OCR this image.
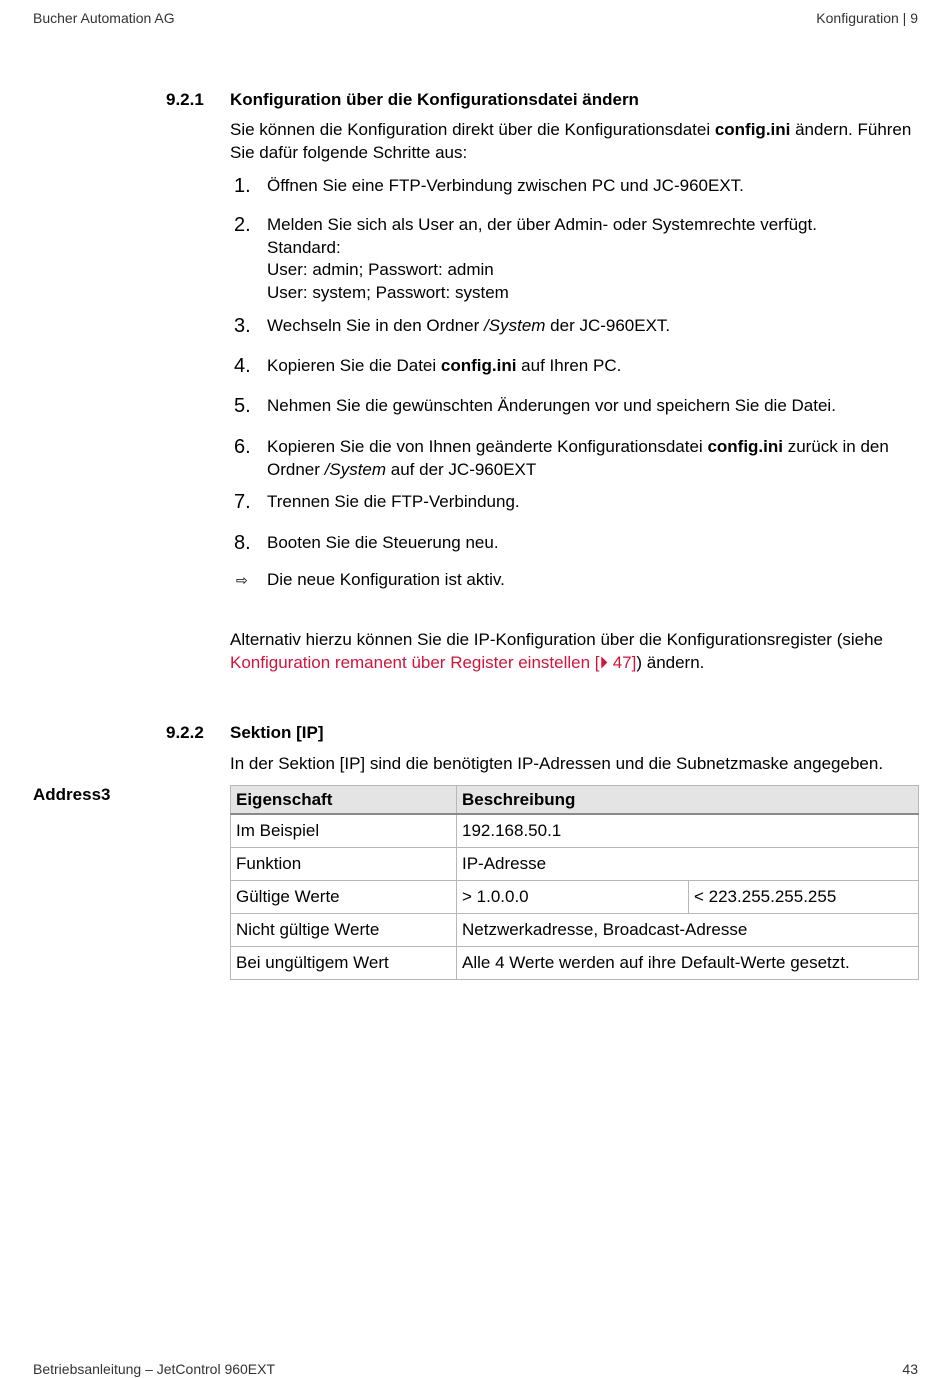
Bucher Automation AG	Konfiguration | 9
9.2.1 Konfiguration über die Konfigurationsdatei ändern
Sie können die Konfiguration direkt über die Konfigurationsdatei config.ini ändern. Führen Sie dafür folgende Schritte aus:
1. Öffnen Sie eine FTP-Verbindung zwischen PC und JC-960EXT.
2. Melden Sie sich als User an, der über Admin- oder Systemrechte verfügt.
Standard:
User: admin; Passwort: admin
User: system; Passwort: system
3. Wechseln Sie in den Ordner /System der JC-960EXT.
4. Kopieren Sie die Datei config.ini auf Ihren PC.
5. Nehmen Sie die gewünschten Änderungen vor und speichern Sie die Datei.
6. Kopieren Sie die von Ihnen geänderte Konfigurationsdatei config.ini zurück in den Ordner /System auf der JC-960EXT
7. Trennen Sie die FTP-Verbindung.
8. Booten Sie die Steuerung neu.
⇨ Die neue Konfiguration ist aktiv.
Alternativ hierzu können Sie die IP-Konfiguration über die Konfigurationsregister (siehe Konfiguration remanent über Register einstellen [⏵ 47]) ändern.
9.2.2 Sektion [IP]
In der Sektion [IP] sind die benötigten IP-Adressen und die Subnetzmaske angegeben.
Address3	Eigenschaft	Beschreibung	
Im Beispiel	192.168.50.1	
Funktion	IP-Adresse	
Gültige Werte	> 1.0.0.0	< 223.255.255.255
Nicht gültige Werte	Netzwerkadresse, Broadcast-Adresse	
Bei ungültigem Wert	Alle 4 Werte werden auf ihre Default-Werte gesetzt.	
Betriebsanleitung – JetControl 960EXT	43
